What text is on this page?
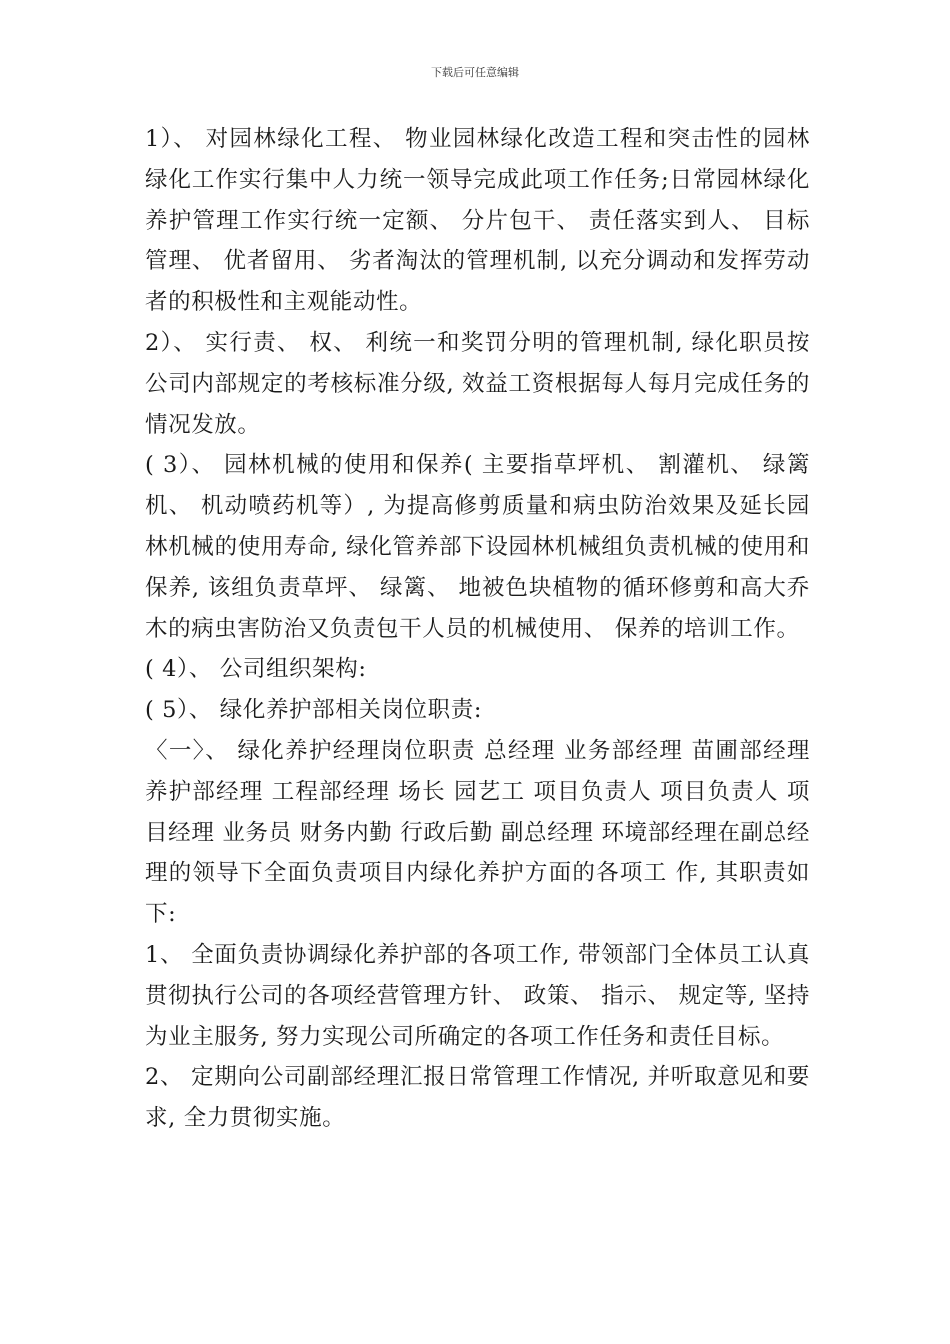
下载后可任意编辑

1）、 对园林绿化工程、 物业园林绿化改造工程和突击性的园林绿化工作实行集中人力统一领导完成此项工作任务;日常园林绿化养护管理工作实行统一定额、 分片包干、 责任落实到人、 目标管理、 优者留用、 劣者淘汰的管理机制, 以充分调动和发挥劳动者的积极性和主观能动性。

2）、 实行责、 权、 利统一和奖罚分明的管理机制, 绿化职员按公司内部规定的考核标准分级, 效益工资根据每人每月完成任务的情况发放。

( 3）、 园林机械的使用和保养( 主要指草坪机、 割灌机、 绿篱机、 机动喷药机等）, 为提高修剪质量和病虫防治效果及延长园林机械的使用寿命, 绿化管养部下设园林机械组负责机械的使用和保养, 该组负责草坪、 绿篱、 地被色块植物的循环修剪和高大乔木的病虫害防治又负责包干人员的机械使用、 保养的培训工作。

( 4）、 公司组织架构:

( 5）、 绿化养护部相关岗位职责:

〈一〉、 绿化养护经理岗位职责 总经理 业务部经理 苗圃部经理 养护部经理 工程部经理 场长 园艺工 项目负责人 项目负责人 项目经理 业务员 财务内勤 行政后勤 副总经理 环境部经理在副总经理的领导下全面负责项目内绿化养护方面的各项工 作, 其职责如下:

1、 全面负责协调绿化养护部的各项工作, 带领部门全体员工认真贯彻执行公司的各项经营管理方针、 政策、 指示、 规定等, 坚持为业主服务, 努力实现公司所确定的各项工作任务和责任目标。

2、 定期向公司副部经理汇报日常管理工作情况, 并听取意见和要求, 全力贯彻实施。
